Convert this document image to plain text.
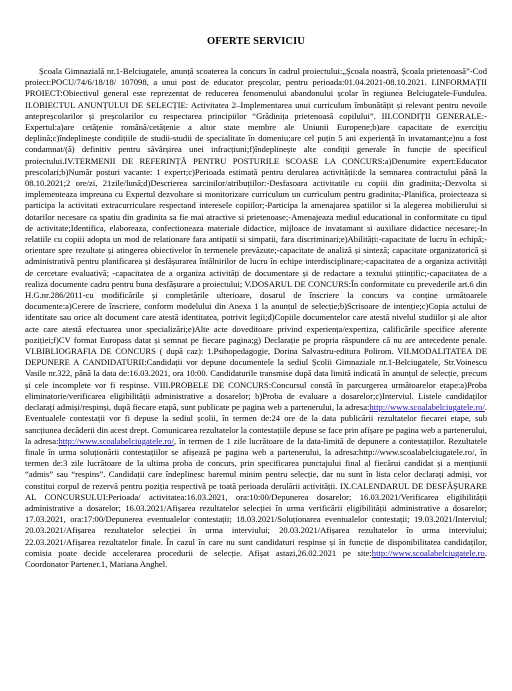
OFERTE SERVICIU
Școala Gimnazială nr.1-Belciugatele, anunță scoaterea la concurs în cadrul proiectului:„Școala noastră, Școala prietenoasă”-Cod proiect:POCU/74/6/18/18/ 107098, a unui post de educator preșcolar, pentru perioada:01.04.2021-08.10.2021. I.INFORMAȚII PROIECT:Obiectivul general este reprezentat de reducerea fenomenului abandonului școlar în regiunea Belciugatele-Fundulea. II.OBIECTUL ANUNȚULUI DE SELECȚIE: Activitatea 2–Implementarea unui curriculum îmbunătățit și relevant pentru nevoile antepreșcolarilor și preșcolarilor cu respectarea principiilor “Grădinița prietenoasă copilului”. III.CONDIȚII GENERALE:-Expertul:a)are cetățenie română/cetățenie a altor state membre ale Uniunii Europene;b)are capacitate de exercițiu deplină;c)îndeplinește condițiile de studii-studii de specialitate în domeniu;are cel puțin 5 ani experiență în invatamant;e)nu a fost condamnat/(ă) definitiv pentru săvârșirea unei infracțiuni;f)îndeplinește alte condiții generale în funcție de specificul proiectului.IV.TERMENII DE REFERINȚĂ PENTRU POSTURILE SCOASE LA CONCURS:a)Denumire expert:Educator prescolari;b)Număr posturi vacante: 1 expert;c)Perioada estimată pentru derularea activității:de la semnarea contractului până la 08.10.2021;2 ore/zi, 21zile/lună;d)Descrierea sarcinilor/atribuțiilor:-Desfasoara activitatile cu copiii din gradinita;-Dezvolta si implementeaza impreuna cu Expertul dezvoltare si monitorizare curriculum un curriculum pentru gradinita;-Planifica, proiecteaza si participa la activitati extracurriculare respectand interesele copiilor;-Participa la amenajarea spatiilor si la alegerea mobilierului si dotarilor necesare ca spatiu din gradinita sa fie mai atractive si prietenoase;-Amenajeaza mediul educational in conformitate cu tipul de activitate;Identifica, elaboreaza, confectioneaza materiale didactice, mijloace de invatamant si auxiliare didactice necesare;-In relatiile cu copiii adopta un mod de relationare fara antipatii si simpatii, fara discriminari;e)Abilități:-capacitate de lucru în echipă;-orientare spre rezultate și atingerea obiectivelor în termenele prevăzute;-capacitate de analiză și sinteză; capacitate organizatorică și administrativă pentru planificarea și desfășurarea întâlnirilor de lucru în echipe interdisciplinare;-capacitatea de a organiza activități de cercetare evaluativă; -capacitatea de a organiza activități de documentare și de redactare a textului științific;-capacitatea de a realiza documente cadru pentru buna desfășurare a proiectului; V.DOSARUL DE CONCURS:În conformitate cu prevederile art.6 din H.G.nr.286/2011-cu modificările și completările ulterioare, dosarul de înscriere la concurs va conține următoarele documente:a)Cerere de înscriere, conform modelului din Anexa 1 la anunțul de selecție;b)Scrisoare de intenție;c)Copia actului de identitate sau orice alt document care atestă identitatea, potrivit legii;d)Copiile documentelor care atestă nivelul studiilor și ale altor acte care atestă efectuarea unor specializări;e)Alte acte doveditoare privind experiența/expertiza, calificările specifice aferente poziției;f)CV format Europass datat și semnat pe fiecare pagina;g) Declarație pe propria răspundere că nu are antecedente penale. VI.BIBLIOGRAFIA DE CONCURS ( după caz): 1.Psihopedagogie, Dorina Salvastru-editura Polirom. VII.MODALITATEA DE DEPUNERE A CANDIDATURII:Candidații vor depune documentele la sediul Școlii Gimnaziale nr.1-Belciugatele, Str.Voinescu Vasile nr.322, până la data de:16.03.2021, ora 10:00. Candidaturile transmise după data limită indicată în anunțul de selecție, precum și cele incomplete vor fi respinse. VIII.PROBELE DE CONCURS:Concursul constă în parcurgerea următoarelor etape:a)Proba eliminatorie/verificarea eligibilității administrative a dosarelor; b)Proba de evaluare a dosarelor;c)Interviul. Listele candidaților declarați admiși/respinși, după fiecare etapă, sunt publicate pe pagina web a partenerului, la adresa:http://www.scoalabelciugatele.ro/. Eventualele contestații vor fi depuse la sediul școlii, în termen de:24 ore de la data publicării rezultatelor fiecarei etape, sub sancțiunea decăderii din acest drept. Comunicarea rezultatelor la contestațiile depuse se face prin afișare pe pagina web a partenerului, la adresa:http://www.scoalabelciugatele.ro/, în termen de 1 zile lucrătoare de la data-limită de depunere a contestațiilor. Rezultatele finale în urma soluționării contestațiilor se afișează pe pagina web a partenerului, la adresa:http://www.scoalabelciugatele.ro/, în termen de:3 zile lucrătoare de la ultima proba de concurs, prin specificarea punctajului final al fiecărui candidat și a mențiunii “admis” sau “respins”. Candidații care îndeplinesc baremul minim pentru selecție, dar nu sunt în lista celor declarați admiși, vor constitui corpul de rezervă pentru poziția respectivă pe toată perioada derulării activității. IX.CALENDARUL DE DESFĂȘURARE AL CONCURSULUI:Perioada/ activitatea:16.03.2021, ora:10:00/Depunerea dosarelor; 16.03.2021/Verificarea eligibilității administrative a dosarelor; 16.03.2021/Afișarea rezultatelor selecției în urma verificării eligibilității administrative a dosarelor; 17.03.2021, ora:17:00/Depunerea eventualelor contestații; 18.03.2021/Soluționarea eventualelor contestații; 19.03.2021/Interviul; 20.03.2021/Afișarea rezultatelor selecției în urma interviului; 20.03.2021/Afișarea rezultatelor în urma interviului; 22.03.2021/Afișarea rezultatelor finale. În cazul în care nu sunt candidaturi respinse și în funcție de disponibilitatea candidaților, comisia poate decide accelerarea procedurii de selecție. Afișat astazi,26.02.2021 pe site:http://www.scoalabelciugatele.ro. Coordonator Partener.1, Mariana Anghel.
